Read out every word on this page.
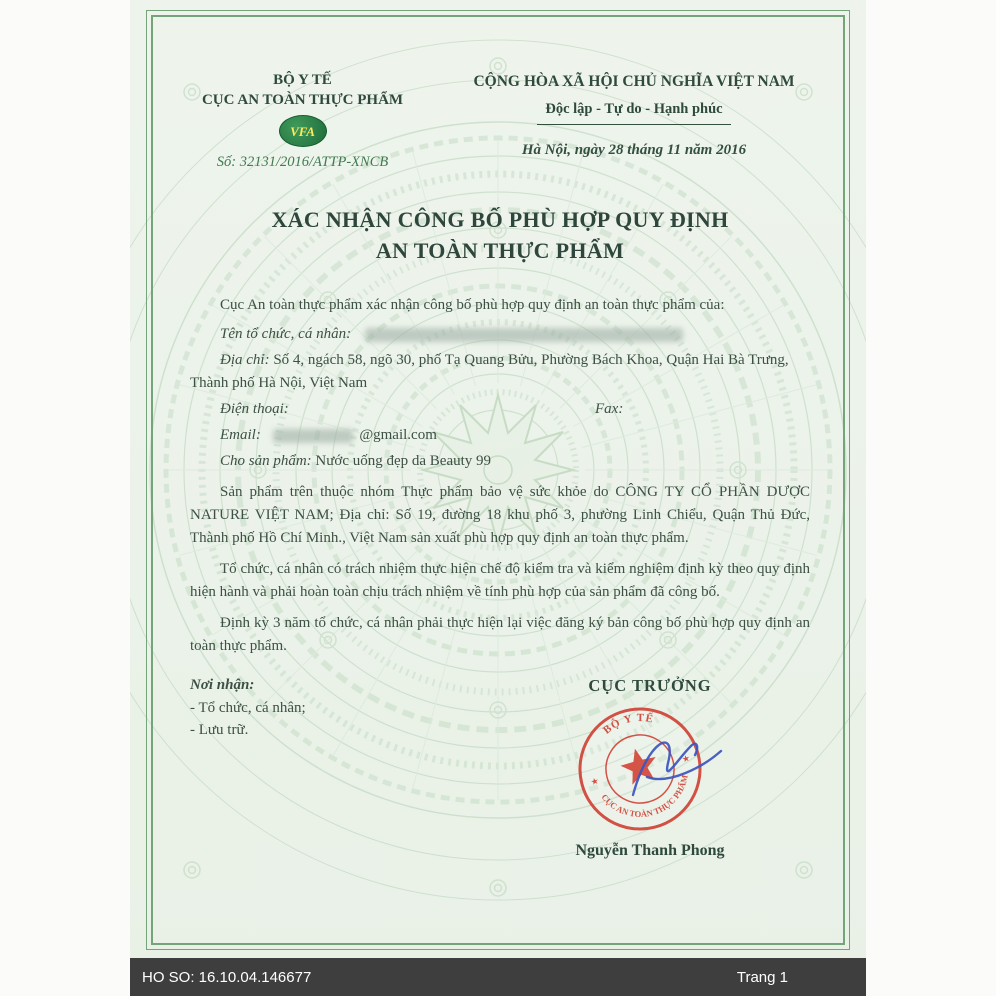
BỘ Y TẾ
CỤC AN TOÀN THỰC PHẨM
VFA
Số: 32131/2016/ATTP-XNCB
CỘNG HÒA XÃ HỘI CHỦ NGHĨA VIỆT NAM
Độc lập - Tự do - Hạnh phúc
Hà Nội, ngày 28 tháng 11 năm 2016
XÁC NHẬN CÔNG BỐ PHÙ HỢP QUY ĐỊNH
AN TOÀN THỰC PHẨM

Cục An toàn thực phẩm xác nhận công bố phù hợp quy định an toàn thực phẩm của:

Tên tổ chức, cá nhân:

Địa chỉ: Số 4, ngách 58, ngõ 30, phố Tạ Quang Bửu, Phường Bách Khoa, Quận Hai Bà Trưng, Thành phố Hà Nội, Việt Nam

Điện thoại:	Fax:

Email:	@gmail.com

Cho sản phẩm: Nước uống đẹp da Beauty 99

Sản phẩm trên thuộc nhóm Thực phẩm bảo vệ sức khỏe do CÔNG TY CỔ PHẦN DƯỢC NATURE VIỆT NAM; Địa chỉ: Số 19, đường 18 khu phố 3, phường Linh Chiểu, Quận Thủ Đức, Thành phố Hồ Chí Minh., Việt Nam sản xuất phù hợp quy định an toàn thực phẩm.

Tổ chức, cá nhân có trách nhiệm thực hiện chế độ kiểm tra và kiểm nghiệm định kỳ theo quy định hiện hành và phải hoàn toàn chịu trách nhiệm về tính phù hợp của sản phẩm đã công bố.

Định kỳ 3 năm tổ chức, cá nhân phải thực hiện lại việc đăng ký bản công bố phù hợp quy định an toàn thực phẩm.

Nơi nhận:
- Tổ chức, cá nhân;
- Lưu trữ.
CỤC TRƯỞNG
BỘ Y TẾ
CỤC AN TOÀN THỰC PHẨM
★
★
Nguyễn Thanh Phong
HO SO: 16.10.04.146677	Trang 1
